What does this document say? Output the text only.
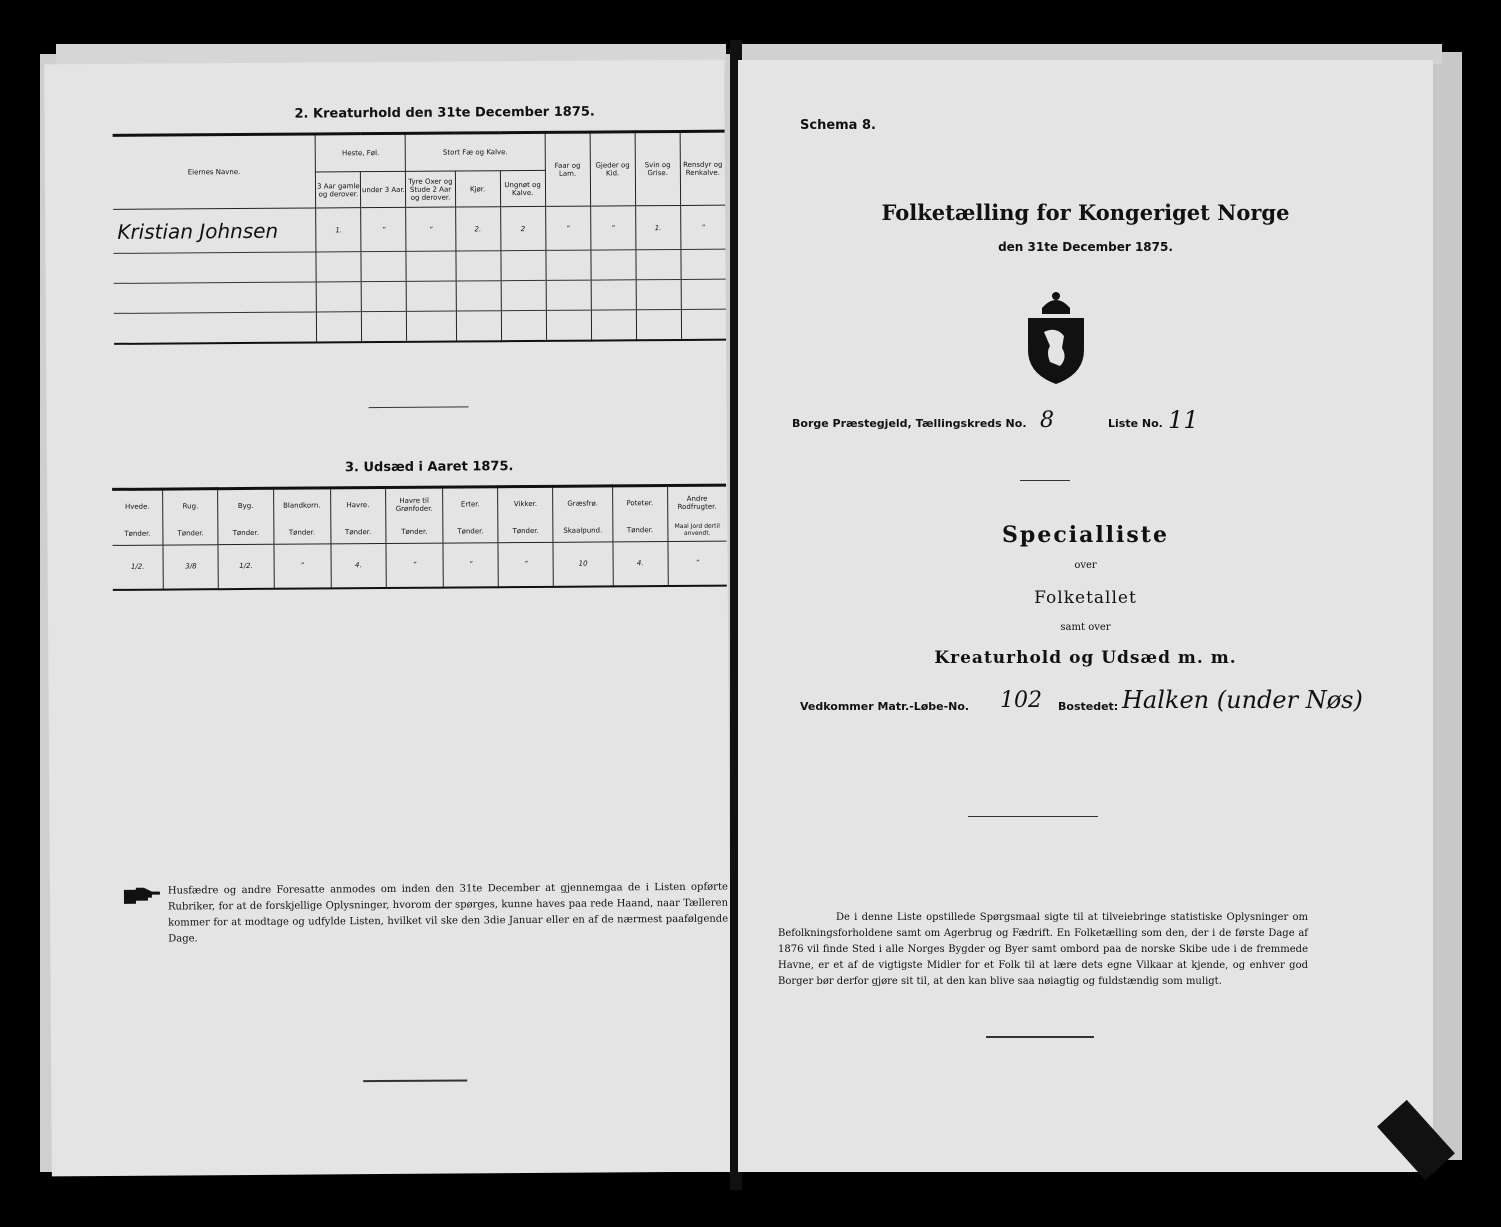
2. Kreaturhold den 31te December 1875.
Eiernes Navne.	Heste, Føl.		Stort Fæ og Kalve.			Faar og Lam.	Gjeder og Kid.	Svin og Grise.	Rensdyr og Renkalve.
	3 Aar gamle og derover.	under 3 Aar.	Tyre Oxer og Stude 2 Aar og derover.	Kjør.	Ungnøt og Kalve.				
Kristian Johnsen	1.	”	”	2.	2	”	”	1.	”

3. Udsæd i Aaret 1875.
Hvede.	Rug.	Byg.	Blandkorn.	Havre.	Havre til Grønfoder.	Erter.	Vikker.	Græsfrø.	Poteter.	Andre Rodfrugter.
Tønder.	Tønder.	Tønder.	Tønder.	Tønder.	Tønder.	Tønder.	Tønder.	Skaalpund.	Tønder.	Maal Jord dertil anvendt.
1/2.	3/8	1/2.	”	4.	”	”	”	10	4.	”
Husfædre og andre Foresatte anmodes om inden den 31te December at gjennemgaa de i Listen opførte Rubriker, for at de forskjellige Oplysninger, hvorom der spørges, kunne haves paa rede Haand, naar Tælleren kommer for at modtage og udfylde Listen, hvilket vil ske den 3die Januar eller en af de nærmest paafølgende Dage.
Schema 8.
Folketælling for Kongeriget Norge
den 31te December 1875.
Borge Præstegjeld, Tællingskreds No. 8	Liste No. 11
Specialliste
over
Folketallet
samt over
Kreaturhold og Udsæd m. m.
Vedkommer Matr.-Løbe-No. 102 Bostedet: Halken (under Nøs)
De i denne Liste opstillede Spørgsmaal sigte til at tilveiebringe statistiske Oplysninger om Befolkningsforholdene samt om Agerbrug og Fædrift. En Folketælling som den, der i de første Dage af 1876 vil finde Sted i alle Norges Bygder og Byer samt ombord paa de norske Skibe ude i de fremmede Havne, er et af de vigtigste Midler for et Folk til at lære dets egne Vilkaar at kjende, og enhver god Borger bør derfor gjøre sit til, at den kan blive saa nøiagtig og fuldstændig som muligt.
